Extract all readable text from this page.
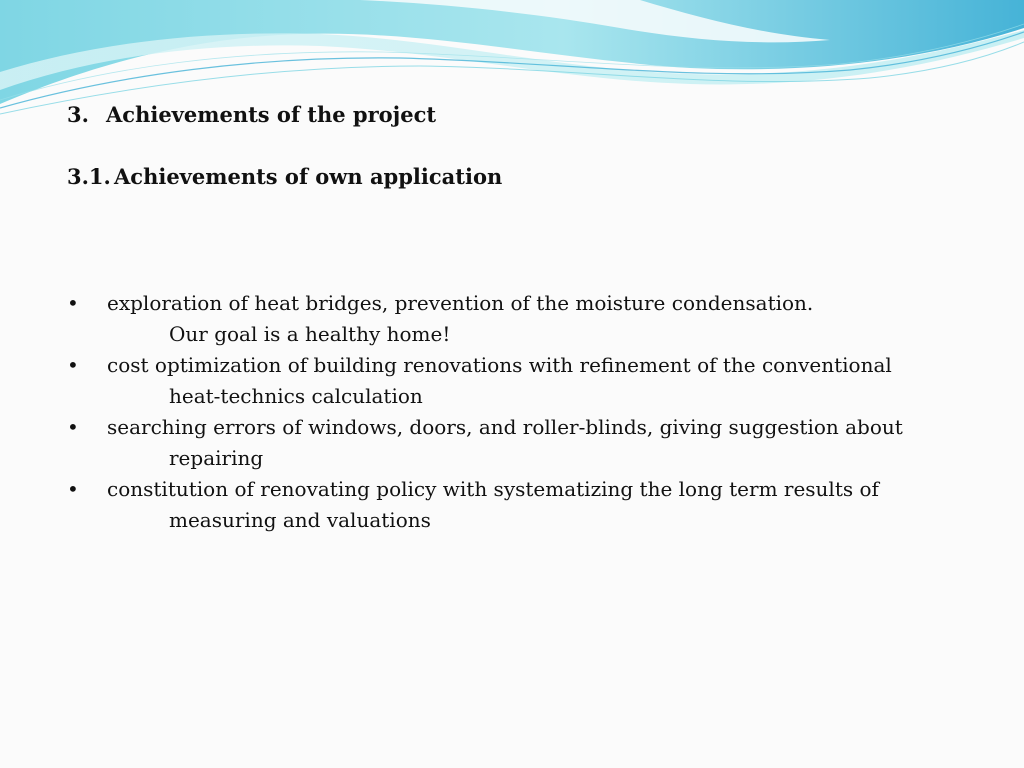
3. Achievements of the project
3.1. Achievements of own application
•	exploration of heat bridges, prevention of the moisture condensation.
Our goal is a healthy home!
•	cost optimization of building renovations with refinement of the conventional
heat-technics calculation
•	searching errors of windows, doors, and roller-blinds, giving suggestion about
repairing
•	constitution of renovating policy with systematizing the long term results of
measuring and valuations
